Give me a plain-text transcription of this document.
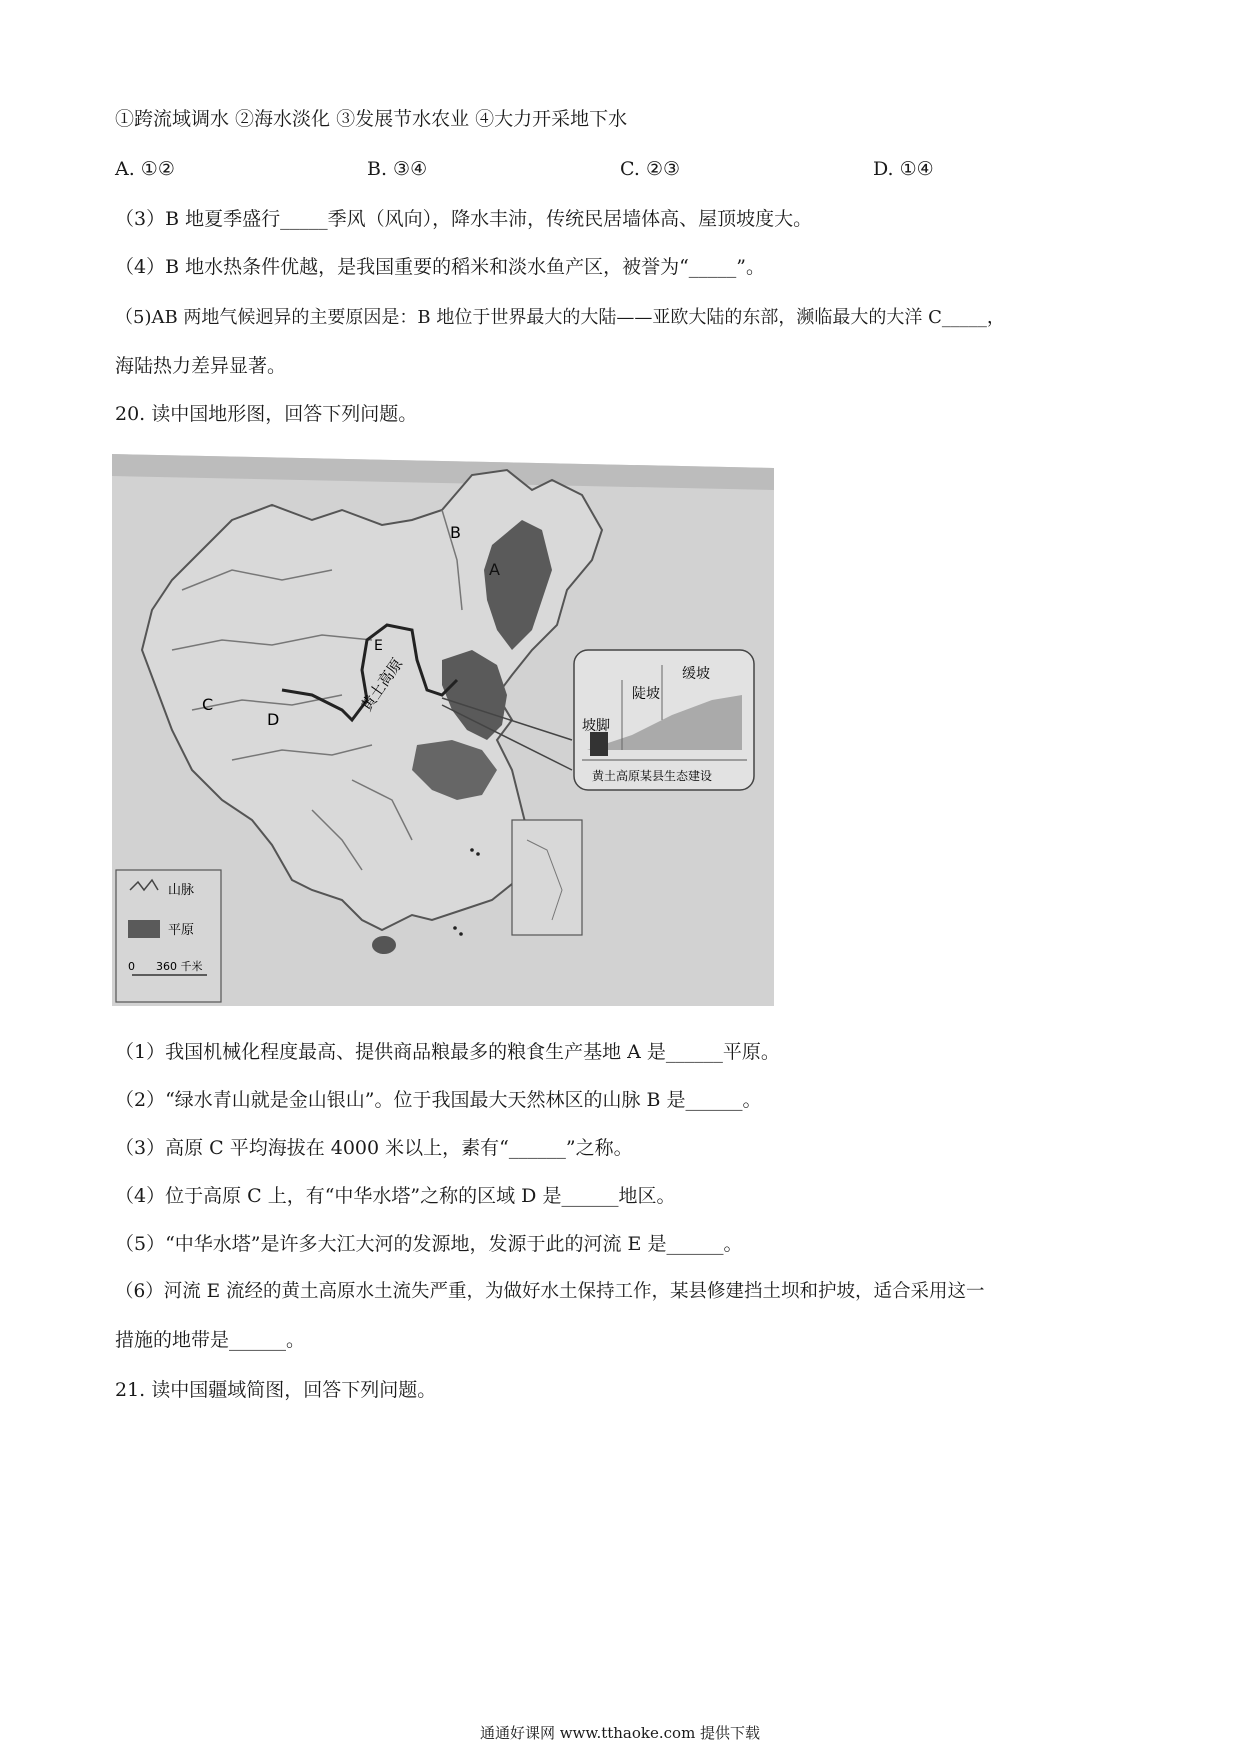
①跨流域调水 ②海水淡化 ③发展节水农业 ④大力开采地下水
A. ①②	B. ③④	C. ②③	D. ①④
（3）B 地夏季盛行_____季风（风向），降水丰沛，传统民居墙体高、屋顶坡度大。
（4）B 地水热条件优越，是我国重要的稻米和淡水鱼产区，被誉为“_____”。
（5)AB 两地气候迥异的主要原因是：B 地位于世界最大的大陆——亚欧大陆的东部，濒临最大的大洋 C_____，
海陆热力差异显著。
20. 读中国地形图，回答下列问题。
坡脚
陡坡
缓坡
黄土高原某县生态建设
B
A
C
D
E
黄土高原
山脉
平原
0 360 千米
（1）我国机械化程度最高、提供商品粮最多的粮食生产基地 A 是______平原。
（2）“绿水青山就是金山银山”。位于我国最大天然林区的山脉 B 是______。
（3）高原 C 平均海拔在 4000 米以上，素有“______”之称。
（4）位于高原 C 上，有“中华水塔”之称的区域 D 是______地区。
（5）“中华水塔”是许多大江大河的发源地，发源于此的河流 E 是______。
（6）河流 E 流经的黄土高原水土流失严重，为做好水土保持工作，某县修建挡土坝和护坡，适合采用这一
措施的地带是______。
21. 读中国疆域简图，回答下列问题。
通通好课网 www.tthaoke.com 提供下载
